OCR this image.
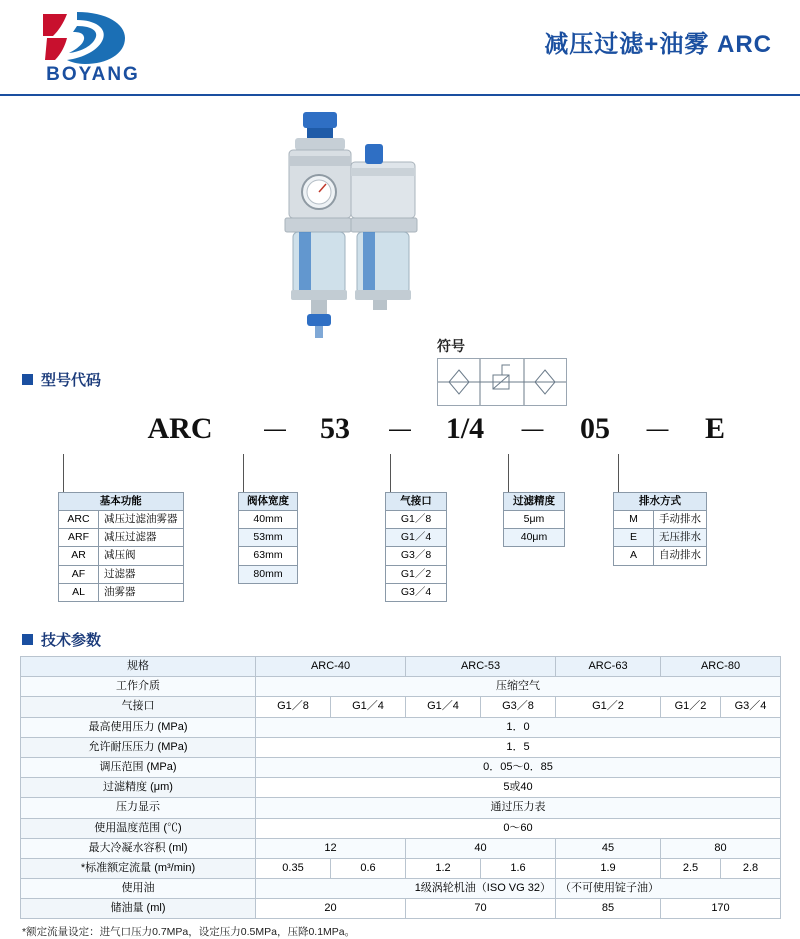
BOYANG
减压过滤+油雾 ARC
符号
型号代码
ARC	—	53	—	1/4	—	05	—	E
基本功能	
ARC	减压过滤油雾器
ARF	减压过滤器
AR	减压阀
AF	过滤器
AL	油雾器
阀体宽度
40mm
53mm
63mm
80mm
气接口
G1／8
G1／4
G3／8
G1／2
G3／4
过滤精度
5μm
40μm
排水方式	
M	手动排水
E	无压排水
A	自动排水
技术参数
规格	ARC-40		ARC-53		ARC-63	ARC-80	
工作介质	压缩空气						
气接口	G1／8	G1／4	G1／4	G3／8	G1／2	G1／2	G3／4
最高使用压力 (MPa)	1．0						
允许耐压压力 (MPa)	1．5						
调压范围 (MPa)	0．05～0．85						
过滤精度 (μm)	5或40						
压力显示	通过压力表						
使用温度范围 (℃)	0～60						
最大冷凝水容积 (ml)	12		40		45	80	
*标准额定流量 (m³/min)	0.35	0.6	1.2	1.6	1.9	2.5	2.8
使用油	1级涡轮机油（ISO VG 32）				（不可使用锭子油）		
储油量 (ml)	20		70		85	170	
*额定流量设定：进气口压力0.7MPa，设定压力0.5MPa，压降0.1MPa。
